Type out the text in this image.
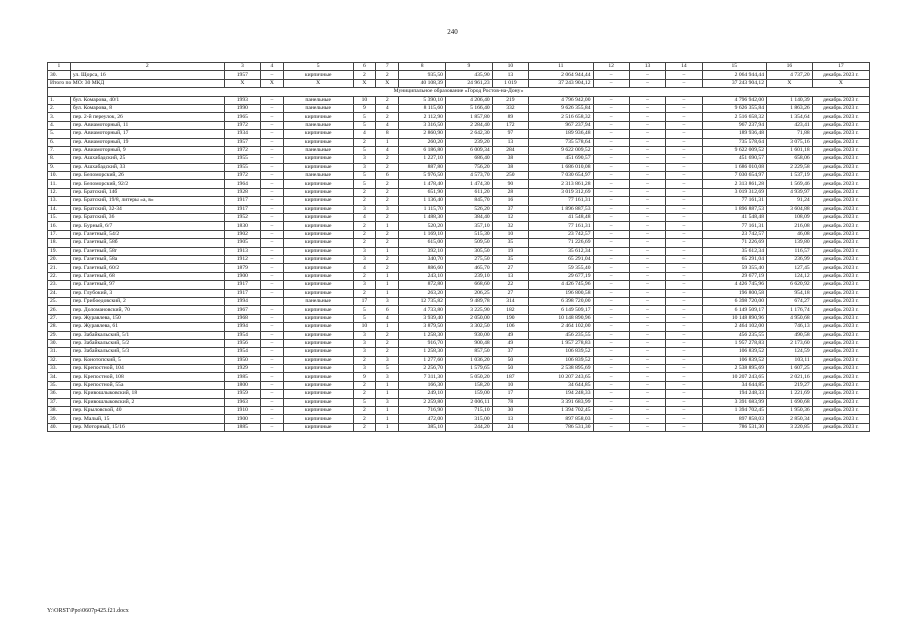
240
1	2	3	4	5	6	7	8	9	10	11	12	13	14	15	16	17
30.	ул. Щорса, 16	1957	–	кирпичные	2	2	935,50	435,90	13	2 064 944,44	–	–	–	2 064 944,44	4 737,20	декабрь 2023 г.
Итого по МО: 30 МКД		X	X	X	X	X	40 108,39	24 961,23	1 019	37 243 904,12	–	–	–	37 243 904,12	X	X
Муниципальное образование «Город Ростов-на-Дону»																
1.	бул. Комарова, 40/1	1993	–	панельные	10	2	5 390,10	4 206,40	219	4 796 942,00	–	–	–	4 796 942,00	1 140,39	декабрь 2023 г.
2.	бул. Комарова, 8	1990	–	панельные	9	4	8 115,60	5 166,40	332	9 626 355,84	–	–	–	9 626 355,84	1 863,26	декабрь 2023 г.
3.	пер. 2-й переулок, 26	1965	–	кирпичные	5	2	2 112,90	1 857,80	89	2 516 658,32	–	–	–	2 516 658,32	1 354,64	декабрь 2023 г.
4.	пер. Авиамоторный, 11	1972	–	панельные	5	4	3 316,50	2 284,40	172	967 237,94	–	–	–	967 237,94	423,41	декабрь 2023 г.
5.	пер. Авиамоторный, 17	1934	–	кирпичные	4	8	2 860,90	2 642,30	97	189 936,48	–	–	–	189 936,48	71,88	декабрь 2023 г.
6.	пер. Авиамоторный, 19	1957	–	кирпичные	2	1	260,20	239,20	13	735 578,64	–	–	–	735 578,64	3 075,16	декабрь 2023 г.
7.	пер. Авиамоторный, 9	1972	–	панельные	5	4	6 186,80	6 009,34	284	9 622 009,52	–	–	–	9 622 009,52	1 601,18	декабрь 2023 г.
8.	пер. Ашхабадский, 25	1955	–	кирпичные	3	2	1 227,10	686,40	38	451 690,57	–	–	–	451 690,57	658,06	декабрь 2023 г.
9.	пер. Ашхабадский, 33	1955	–	кирпичные	3	2	887,80	756,20	38	1 686 010,08	–	–	–	1 686 010,08	2 229,58	декабрь 2023 г.
10.	пер. Беломорский, 26	1972	–	панельные	5	6	5 976,50	4 573,70	250	7 030 654,97	–	–	–	7 030 654,97	1 537,19	декабрь 2023 г.
11.	пер. Беломорский, 92/2	1964	–	кирпичные	5	2	1 478,40	1 474,30	90	2 313 861,28	–	–	–	2 313 861,28	1 569,46	декабрь 2023 г.
12.	пер. Братский, 14б	1928	–	кирпичные	2	2	651,90	611,20	28	3 019 312,69	–	–	–	3 019 312,69	4 939,97	декабрь 2023 г.
13.	пер. Братский, 19/8, литеры «а, в»	1917	–	кирпичные	2	2	1 136,40	845,70	16	77 161,31	–	–	–	77 161,31	91,24	декабрь 2023 г.
14.	пер. Братский, 32-34	1917	–	кирпичные	3	3	1 115,70	526,20	37	1 896 887,53	–	–	–	1 896 887,53	3 604,88	декабрь 2023 г.
15.	пер. Братский, 36	1952	–	кирпичные	4	2	1 488,30	384,40	12	41 548,48	–	–	–	41 548,48	108,09	декабрь 2023 г.
16.	пер. Бурный, 6/7	1830	–	кирпичные	2	1	520,20	357,10	32	77 161,31	–	–	–	77 161,31	216,08	декабрь 2023 г.
17.	пер. Газетный, 54/2	1902	–	кирпичные	2	2	1 169,10	515,30	10	23 742,57	–	–	–	23 742,57	46,08	декабрь 2023 г.
18.	пер. Газетный, 58б	1905	–	кирпичные	2	2	615,00	509,50	35	71 226,69	–	–	–	71 226,69	139,80	декабрь 2023 г.
19.	пер. Газетный, 58г	1913	–	кирпичные	3	1	392,10	305,50	19	35 612,34	–	–	–	35 612,34	116,57	декабрь 2023 г.
20.	пер. Газетный, 58а	1912	–	кирпичные	3	2	340,70	275,50	35	65 291,04	–	–	–	65 291,04	236,99	декабрь 2023 г.
21.	пер. Газетный, 60/2	1879	–	кирпичные	4	2	886,60	465,70	27	59 355,40	–	–	–	59 355,40	127,45	декабрь 2023 г.
22.	пер. Газетный, 68	1900	–	кирпичные	2	1	243,10	239,10	13	29 677,19	–	–	–	29 677,19	124,12	декабрь 2023 г.
23.	пер. Газетный, 97	1917	–	кирпичные	3	1	872,80	668,60	22	4 426 745,96	–	–	–	4 426 745,96	6 620,92	декабрь 2023 г.
24.	пер. Глубокий, 3	1917	–	кирпичные	2	1	263,20	206,25	27	196 800,58	–	–	–	196 800,58	954,18	декабрь 2023 г.
25.	пер. Грибоедовский, 2	1994		панельные	17	3	12 735,82	9 489,78	314	6 398 720,00	–	–	–	6 398 720,00	674,27	декабрь 2023 г.
26.	пер. Доломановский, 70	1967	–	кирпичные	5	6	4 733,80	3 225,90	182	6 149 509,17	–	–	–	6 149 509,17	1 176,74	декабрь 2023 г.
27.	пер. Журавлева, 150	1968	–	кирпичные	5	4	3 939,40	2 050,00	190	10 148 890,96	–	–	–	10 148 890,96	4 950,68	декабрь 2023 г.
28.	пер. Журавлева, 61	1994	–	кирпичные	10	1	3 879,50	3 302,50	106	2 464 102,00	–	–	–	2 464 102,00	746,13	декабрь 2023 г.
29.	пер. Забайкальский, 5/1	1954	–	кирпичные	3	2	1 258,30	930,00	49	456 235,55	–	–	–	456 235,55	490,58	декабрь 2023 г.
30.	пер. Забайкальский, 5/2	1956	–	кирпичные	3	2	916,70	900,48	49	1 957 278,83	–	–	–	1 957 278,83	2 173,60	декабрь 2023 г.
31.	пер. Забайкальский, 5/3	1954	–	кирпичные	3	2	1 258,30	857,50	37	106 839,52	–	–	–	106 839,52	124,59	декабрь 2023 г.
32.	пер. Конотопский, 5	1950	–	кирпичные	2	3	1 277,60	1 036,20	50	106 839,52	–	–	–	106 839,52	103,11	декабрь 2023 г.
33.	пер. Крепостной, 104	1929	–	кирпичные	3	5	2 256,70	1 579,65	50	2 538 895,69	–	–	–	2 538 895,69	1 607,25	декабрь 2023 г.
34.	пер. Крепостной, 108	1985	–	кирпичные	9	3	7 311,30	5 050,20	187	10 207 243,65	–	–	–	10 207 243,65	2 021,16	декабрь 2023 г.
35.	пер. Крепостной, 55а	1800	–	кирпичные	2	1	166,30	158,20	10	34 644,85	–	–	–	34 644,85	219,27	декабрь 2023 г.
36.	пер. Кривошлыковский, 18	1959	–	кирпичные	2	1	249,10	159,00	17	194 248,33	–	–	–	194 248,33	1 221,69	декабрь 2023 г.
37.	пер. Кривошлыковский, 2	1963	–	кирпичные	5	3	2 259,80	2 006,11	78	3 391 683,99	–	–	–	3 391 683,99	1 690,68	декабрь 2023 г.
38.	пер. Крыловской, 40	1910	–	кирпичные	2	1	716,90	715,10	30	1 394 702,45	–	–	–	1 394 702,45	1 950,36	декабрь 2023 г.
39.	пер. Малый, 15	1900	–	кирпичные	2	1	472,00	315,00	13	897 858,03	–	–	–	897 858,03	2 850,34	декабрь 2023 г.
40.	пер. Моторный, 15/16	1885	–	кирпичные	2	1	385,10	244,20	24	786 531,30	–	–	–	786 531,30	3 220,85	декабрь 2023 г.
Y:\ORST\Ppo\0607p425.f21.docx
